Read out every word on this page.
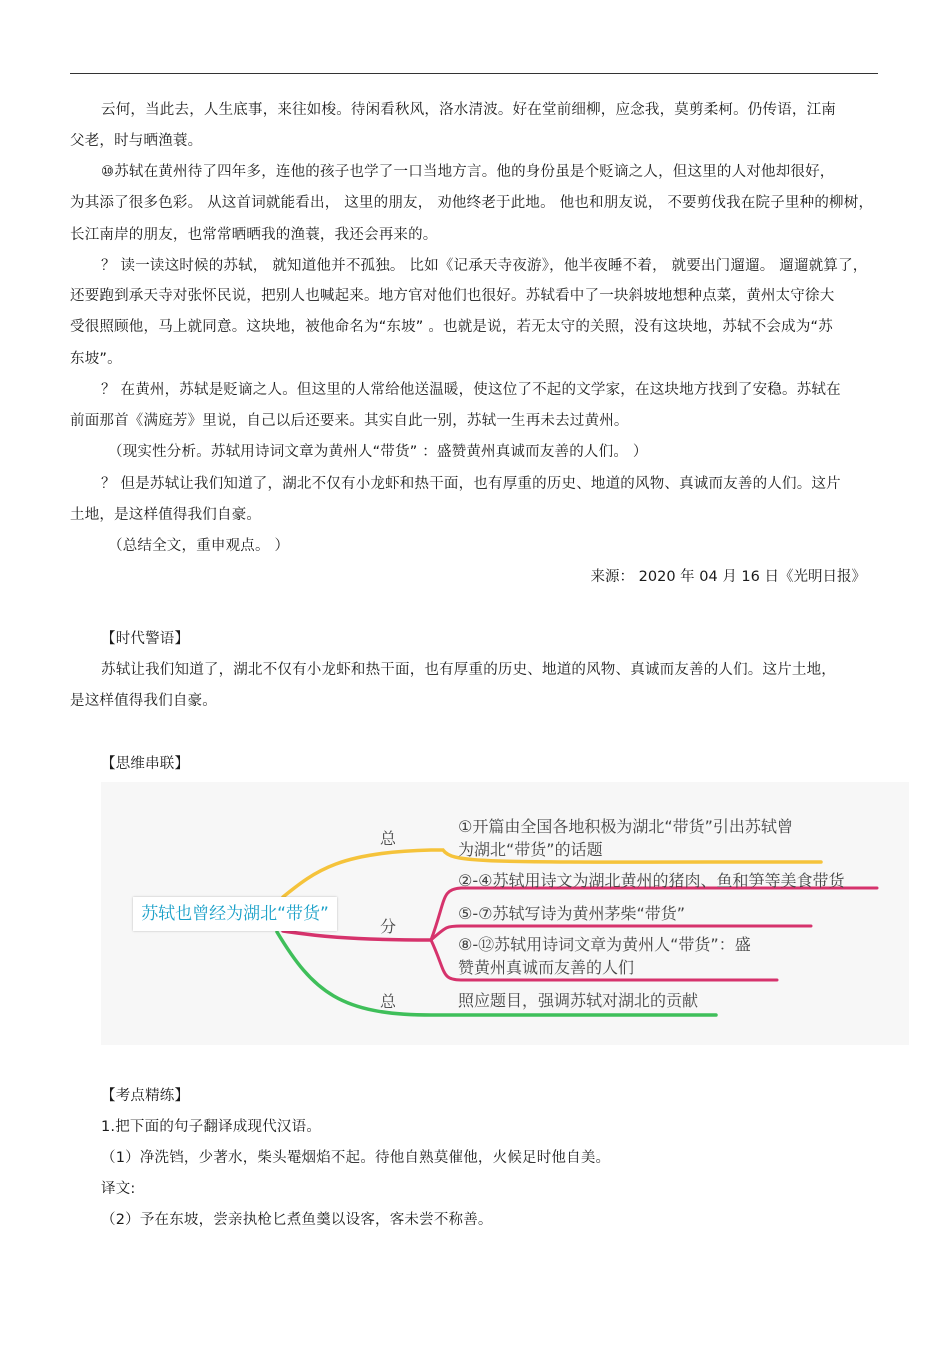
云何，当此去，人生底事，来往如梭。待闲看秋风，洛水清波。好在堂前细柳，应念我，莫剪柔柯。仍传语，江南
父老，时与晒渔蓑。
⑩苏轼在黄州待了四年多，连他的孩子也学了一口当地方言。他的身份虽是个贬谪之人，但这里的人对他却很好，
为其添了很多色彩。 从这首词就能看出， 这里的朋友， 劝他终老于此地。 他也和朋友说， 不要剪伐我在院子里种的柳树，
长江南岸的朋友，也常常晒晒我的渔蓑，我还会再来的。
？ 读一读这时候的苏轼， 就知道他并不孤独。 比如《记承天寺夜游》，他半夜睡不着， 就要出门遛遛。 遛遛就算了，
还要跑到承天寺对张怀民说，把别人也喊起来。地方官对他们也很好。苏轼看中了一块斜坡地想种点菜，黄州太守徐大
受很照顾他，马上就同意。这块地，被他命名为“东坡” 。也就是说，若无太守的关照，没有这块地，苏轼不会成为“苏
东坡”。
？ 在黄州，苏轼是贬谪之人。但这里的人常给他送温暖，使这位了不起的文学家，在这块地方找到了安稳。苏轼在
前面那首《满庭芳》里说，自己以后还要来。其实自此一别，苏轼一生再未去过黄州。
（现实性分析。苏轼用诗词文章为黄州人“带货” ：盛赞黄州真诚而友善的人们。 ）
？ 但是苏轼让我们知道了，湖北不仅有小龙虾和热干面，也有厚重的历史、地道的风物、真诚而友善的人们。这片
土地，是这样值得我们自豪。
（总结全文，重申观点。 ）
来源： 2020 年 04 月 16 日《光明日报》
【时代警语】
苏轼让我们知道了，湖北不仅有小龙虾和热干面，也有厚重的历史、地道的风物、真诚而友善的人们。这片土地，
是这样值得我们自豪。
【思维串联】
苏轼也曾经为湖北“带货”
总
分
总
①开篇由全国各地积极为湖北“带货”引出苏轼曾
为湖北“带货”的话题
②-④苏轼用诗文为湖北黄州的猪肉、鱼和笋等美食带货
⑤-⑦苏轼写诗为黄州茅柴“带货”
⑧-⑫苏轼用诗词文章为黄州人“带货”：盛
赞黄州真诚而友善的人们
照应题目，强调苏轼对湖北的贡献
【考点精练】
1.把下面的句子翻译成现代汉语。
（1）净洗铛，少著水，柴头罨烟焰不起。待他自熟莫催他，火候足时他自美。
译文:
（2）予在东坡，尝亲执枪匕煮鱼羹以设客，客未尝不称善。
